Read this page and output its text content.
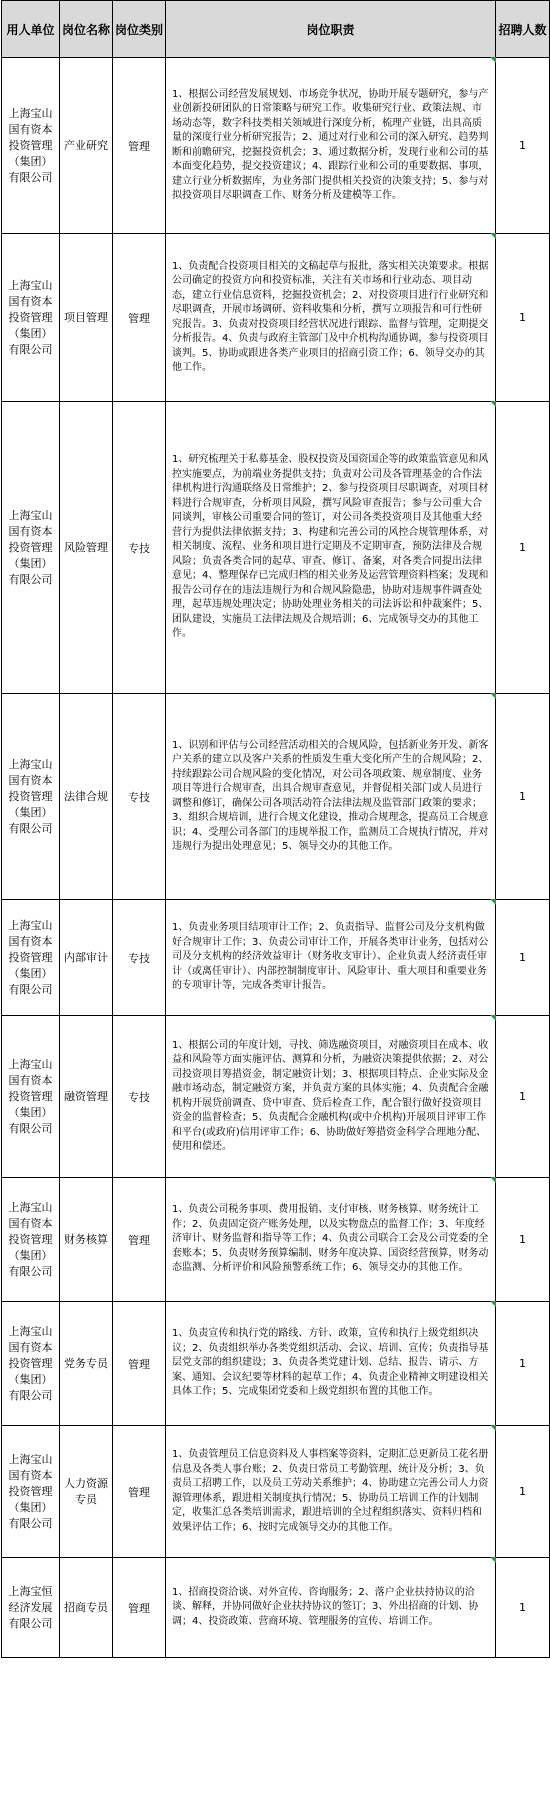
用人单位	岗位名称	岗位类别	岗位职责	招聘人数
上海宝山国有资本投资管理（集团）有限公司	产业研究	管理	1、根据公司经营发展规划、市场竞争状况，协助开展专题研究，参与产业创新投研团队的日常策略与研究工作。收集研究行业、政策法规、市场动态等，数字科技类相关领域进行深度分析，梳理产业链，出具高质量的深度行业分析研究报告；2、通过对行业和公司的深入研究、趋势判断和前瞻研究，挖掘投资机会；3、通过数据分析，发现行业和公司的基本面变化趋势，提交投资建议；4、跟踪行业和公司的重要数据、事项，建立行业分析数据库，为业务部门提供相关投资的决策支持；5、参与对拟投资项目尽职调查工作、财务分析及建模等工作。	1
上海宝山国有资本投资管理（集团）有限公司	项目管理	管理	1、负责配合投资项目相关的文稿起草与报批，落实相关决策要求。根据公司确定的投资方向和投资标准，关注有关市场和行业动态、项目动态，建立行业信息资料，挖掘投资机会；2、对投资项目进行行业研究和尽职调查，开展市场调研、资料收集和分析，撰写立项报告和可行性研究报告。3、负责对投资项目经营状况进行跟踪、监督与管理，定期提交分析报告。4、负责与政府主管部门及中介机构沟通协调，参与投资项目谈判。5、协助或跟进各类产业项目的招商引资工作；6、领导交办的其他工作。	1
上海宝山国有资本投资管理（集团）有限公司	风险管理	专技	1、研究梳理关于私募基金、股权投资及国资国企等的政策监管意见和风控实施要点，为前端业务提供支持；负责对公司及各管理基金的合作法律机构进行沟通联络及日常维护；2、参与投资项目尽职调查，对项目材料进行合规审查，分析项目风险，撰写风险审查报告；参与公司重大合同谈判，审核公司重要合同的签订，对公司各类投资项目及其他重大经营行为提供法律依据支持；3、构建和完善公司的风控合规管理体系，对相关制度、流程、业务和项目进行定期及不定期审查，预防法律及合规风险；负责各类合同的起草、审查、修订、备案，对各类合同提出法律意见；4、整理保存已完成归档的相关业务及运营管理资料档案；发现和报告公司存在的违法违规行为和合规风险隐患，协助对违规事件调查处理，起草违规处理决定；协助处理业务相关的司法诉讼和仲裁案件；5、团队建设，实施员工法律法规及合规培训；6、完成领导交办的其他工作。	1
上海宝山国有资本投资管理（集团）有限公司	法律合规	专技	1、识别和评估与公司经营活动相关的合规风险，包括新业务开发、新客户关系的建立以及客户关系的性质发生重大变化所产生的合规风险；2、持续跟踪公司合规风险的变化情况，对公司各项政策、规章制度、业务项目等进行合规审查，出具合规审查意见，并督促相关部门或人员进行调整和修订，确保公司各项活动符合法律法规及监管部门政策的要求；3、组织合规培训，进行合规文化建设，推动合规理念，提高员工合规意识；4、受理公司各部门的违规举报工作，监测员工合规执行情况，并对违规行为提出处理意见；5、领导交办的其他工作。	1
上海宝山国有资本投资管理（集团）有限公司	内部审计	专技	1、负责业务项目结项审计工作；2、负责指导、监督公司及分支机构做好合规审计工作；3、负责公司审计工作，开展各类审计业务，包括对公司及分支机构的经济效益审计（财务收支审计）、企业负责人经济责任审计（或离任审计）、内部控制制度审计、风险审计、重大项目和重要业务的专项审计等，完成各类审计报告。	1
上海宝山国有资本投资管理（集团）有限公司	融资管理	专技	1、根据公司的年度计划，寻找、筛选融资项目，对融资项目在成本、收益和风险等方面实施评估、测算和分析，为融资决策提供依据；2、对公司投资项目筹措资金，制定融资计划；3、根据项目特点、企业实际及金融市场动态，制定融资方案，并负责方案的具体实施；4、负责配合金融机构开展贷前调查、贷中审查、贷后检查工作，配合银行做好投资项目资金的监督检查；5、负责配合金融机构(或中介机构)开展项目评审工作和平台(或政府)信用评审工作；6、协助做好筹措资金科学合理地分配、使用和偿还。	1
上海宝山国有资本投资管理（集团）有限公司	财务核算	管理	1、负责公司税务事项、费用报销、支付审核、财务核算、财务统计工作；2、负责固定资产账务处理，以及实物盘点的监督工作；3、年度经济审计、财务监督和指导等工作；4、负责公司联合工会及公司党委的全套账本；5、负责财务预算编制、财务年度决算、国资经营预算，财务动态监测、分析评价和风险预警系统工作；6、领导交办的其他工作。	1
上海宝山国有资本投资管理（集团）有限公司	党务专员	管理	1、负责宣传和执行党的路线、方针、政策，宣传和执行上级党组织决议；2、负责组织举办各类党组织活动、会议、培训、宣传；负责指导基层党支部的组织建设；3、负责各类党建计划、总结、报告、请示、方案、通知、会议纪要等材料的起草工作；4、负责企业精神文明建设相关具体工作；5、完成集团党委和上级党组织布置的其他工作。	1
上海宝山国有资本投资管理（集团）有限公司	人力资源专员	管理	1、负责管理员工信息资料及人事档案等资料，定期汇总更新员工花名册信息及各类人事台账；2、负责日常员工考勤管理、统计及分析；3、负责员工招聘工作，以及员工劳动关系维护；4、协助建立完善公司人力资源管理体系，跟进相关制度执行情况；5、协助员工培训工作的计划制定，收集汇总各类培训需求，跟进培训的全过程组织落实、资料归档和效果评估工作；6、按时完成领导交办的其他工作。	1
上海宝恒经济发展有限公司	招商专员	管理	1、招商投资洽谈、对外宣传、咨询服务；2、落户企业扶持协议的洽谈、解释，并协同做好企业扶持协议的签订；3、外出招商的计划、协调；4、投资政策、营商环境、管理服务的宣传、培训工作。	1
